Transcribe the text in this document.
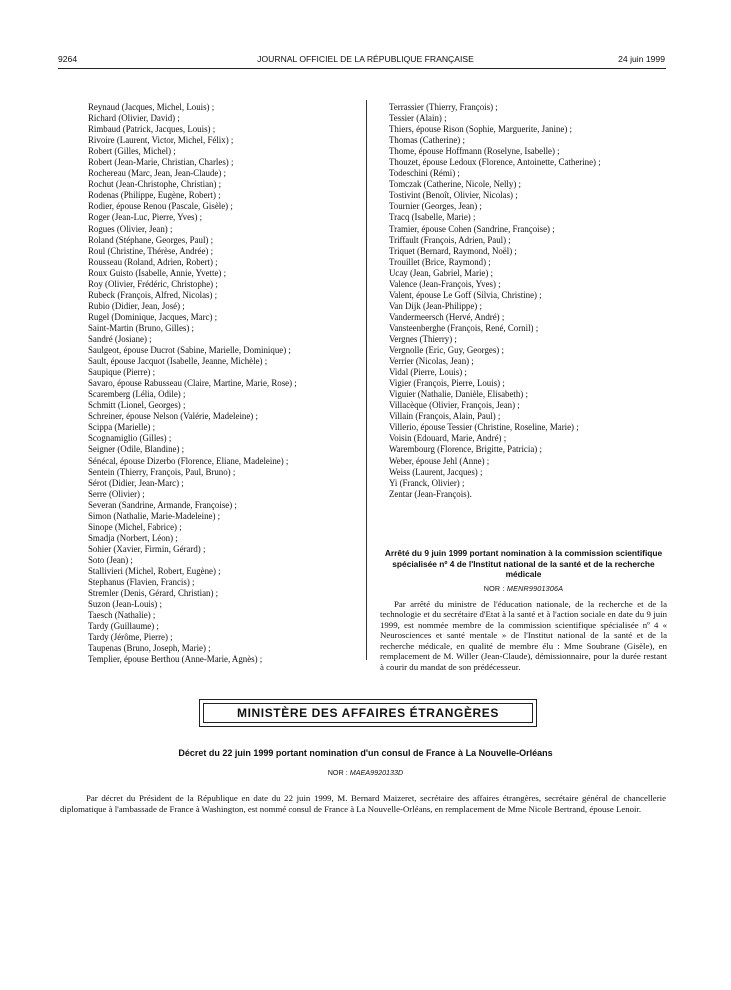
JOURNAL OFFICIEL DE LA RÉPUBLIQUE FRANÇAISE
9264	24 juin 1999
Reynaud (Jacques, Michel, Louis) ;
Richard (Olivier, David) ;
Rimbaud (Patrick, Jacques, Louis) ;
Rivoire (Laurent, Victor, Michel, Félix) ;
Robert (Gilles, Michel) ;
Robert (Jean-Marie, Christian, Charles) ;
Rochereau (Marc, Jean, Jean-Claude) ;
Rochut (Jean-Christophe, Christian) ;
Rodenas (Philippe, Eugène, Robert) ;
Rodier, épouse Renou (Pascale, Gisèle) ;
Roger (Jean-Luc, Pierre, Yves) ;
Rogues (Olivier, Jean) ;
Roland (Stéphane, Georges, Paul) ;
Roul (Christine, Thérèse, Andrée) ;
Rousseau (Roland, Adrien, Robert) ;
Roux Guisto (Isabelle, Annie, Yvette) ;
Roy (Olivier, Frédéric, Christophe) ;
Rubeck (François, Alfred, Nicolas) ;
Rubio (Didier, Jean, José) ;
Rugel (Dominique, Jacques, Marc) ;
Saint-Martin (Bruno, Gilles) ;
Sandré (Josiane) ;
Saulgeot, épouse Ducrot (Sabine, Marielle, Dominique) ;
Sault, épouse Jacquot (Isabelle, Jeanne, Michèle) ;
Saupique (Pierre) ;
Savaro, épouse Rabusseau (Claire, Martine, Marie, Rose) ;
Scaremberg (Lélia, Odile) ;
Schmitt (Lionel, Georges) ;
Schreiner, épouse Nelson (Valérie, Madeleine) ;
Scippa (Marielle) ;
Scognamiglio (Gilles) ;
Seigner (Odile, Blandine) ;
Sénécal, épouse Dizerbo (Florence, Eliane, Madeleine) ;
Sentein (Thierry, François, Paul, Bruno) ;
Sérot (Didier, Jean-Marc) ;
Serre (Olivier) ;
Severan (Sandrine, Armande, Françoise) ;
Simon (Nathalie, Marie-Madeleine) ;
Sinope (Michel, Fabrice) ;
Smadja (Norbert, Léon) ;
Sohier (Xavier, Firmin, Gérard) ;
Soto (Jean) ;
Stallivieri (Michel, Robert, Eugène) ;
Stephanus (Flavien, Francis) ;
Stremler (Denis, Gérard, Christian) ;
Suzon (Jean-Louis) ;
Taesch (Nathalie) ;
Tardy (Guillaume) ;
Tardy (Jérôme, Pierre) ;
Taupenas (Bruno, Joseph, Marie) ;
Templier, épouse Berthou (Anne-Marie, Agnès) ;
Terrassier (Thierry, François) ;
Tessier (Alain) ;
Thiers, épouse Rison (Sophie, Marguerite, Janine) ;
Thomas (Catherine) ;
Thome, épouse Hoffmann (Roselyne, Isabelle) ;
Thouzet, épouse Ledoux (Florence, Antoinette, Catherine) ;
Todeschini (Rémi) ;
Tomczak (Catherine, Nicole, Nelly) ;
Tostivint (Benoît, Olivier, Nicolas) ;
Tournier (Georges, Jean) ;
Tracq (Isabelle, Marie) ;
Tramier, épouse Cohen (Sandrine, Françoise) ;
Triffault (François, Adrien, Paul) ;
Triquet (Bernard, Raymond, Noël) ;
Trouillet (Brice, Raymond) ;
Ucay (Jean, Gabriel, Marie) ;
Valence (Jean-François, Yves) ;
Valent, épouse Le Goff (Silvia, Christine) ;
Van Dijk (Jean-Philippe) ;
Vandermeersch (Hervé, André) ;
Vansteenberghe (François, René, Cornil) ;
Vergnes (Thierry) ;
Vergnolle (Eric, Guy, Georges) ;
Verrier (Nicolas, Jean) ;
Vidal (Pierre, Louis) ;
Vigier (François, Pierre, Louis) ;
Viguier (Nathalie, Danièle, Elisabeth) ;
Villacèque (Olivier, François, Jean) ;
Villain (François, Alain, Paul) ;
Villerio, épouse Tessier (Christine, Roseline, Marie) ;
Voisin (Edouard, Marie, André) ;
Warembourg (Florence, Brigitte, Patricia) ;
Weber, épouse Jehl (Anne) ;
Weiss (Laurent, Jacques) ;
Yi (Franck, Olivier) ;
Zentar (Jean-François).
Arrêté du 9 juin 1999 portant nomination à la commission scientifique spécialisée nº 4 de l'Institut national de la santé et de la recherche médicale
NOR : MENR9901306A
Par arrêté du ministre de l'éducation nationale, de la recherche et de la technologie et du secrétaire d'Etat à la santé et à l'action sociale en date du 9 juin 1999, est nommée membre de la commission scientifique spécialisée nº 4 « Neurosciences et santé mentale » de l'Institut national de la santé et de la recherche médicale, en qualité de membre élu : Mme Soubrane (Gisèle), en remplacement de M. Willer (Jean-Claude), démissionnaire, pour la durée restant à courir du mandat de son prédécesseur.
MINISTÈRE DES AFFAIRES ÉTRANGÈRES
Décret du 22 juin 1999 portant nomination d'un consul de France à La Nouvelle-Orléans
NOR : MAEA9920133D
Par décret du Président de la République en date du 22 juin 1999, M. Bernard Maizeret, secrétaire des affaires étrangères, secrétaire général de chancellerie diplomatique à l'ambassade de France à Washington, est nommé consul de France à La Nouvelle-Orléans, en remplacement de Mme Nicole Bertrand, épouse Lenoir.
